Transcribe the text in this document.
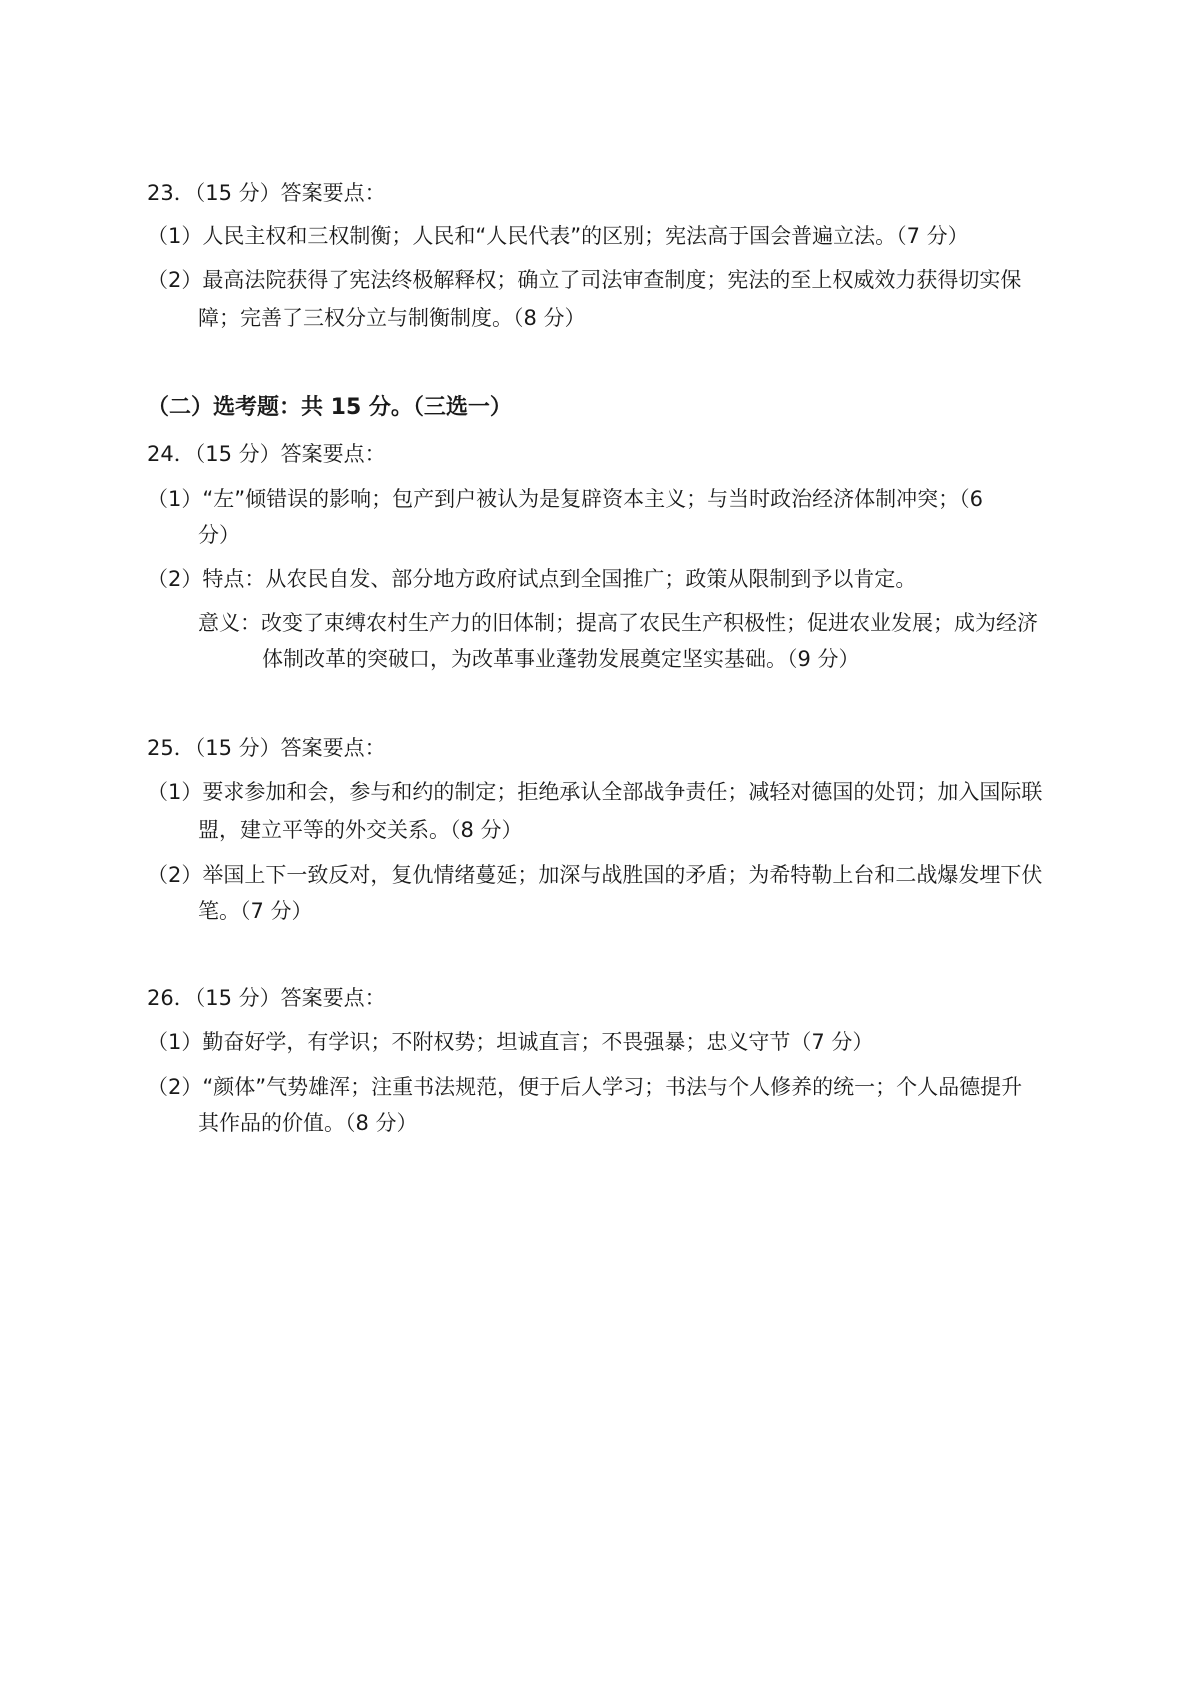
23．（15 分）答案要点：
（1）人民主权和三权制衡；人民和“人民代表”的区别；宪法高于国会普遍立法。（7 分）
（2）最高法院获得了宪法终极解释权；确立了司法审查制度；宪法的至上权威效力获得切实保
障；完善了三权分立与制衡制度。（8 分）
（二）选考题：共 15 分。（三选一）
24．（15 分）答案要点：
（1）“左”倾错误的影响；包产到户被认为是复辟资本主义；与当时政治经济体制冲突；（6
分）
（2）特点：从农民自发、部分地方政府试点到全国推广；政策从限制到予以肯定。
意义：改变了束缚农村生产力的旧体制；提高了农民生产积极性；促进农业发展；成为经济
体制改革的突破口，为改革事业蓬勃发展奠定坚实基础。（9 分）
25．（15 分）答案要点：
（1）要求参加和会，参与和约的制定；拒绝承认全部战争责任；减轻对德国的处罚；加入国际联
盟，建立平等的外交关系。（8 分）
（2）举国上下一致反对，复仇情绪蔓延；加深与战胜国的矛盾；为希特勒上台和二战爆发埋下伏
笔。（7 分）
26．（15 分）答案要点：
（1）勤奋好学，有学识；不附权势；坦诚直言；不畏强暴；忠义守节（7 分）
（2）“颜体”气势雄浑；注重书法规范，便于后人学习；书法与个人修养的统一；个人品德提升
其作品的价值。（8 分）
